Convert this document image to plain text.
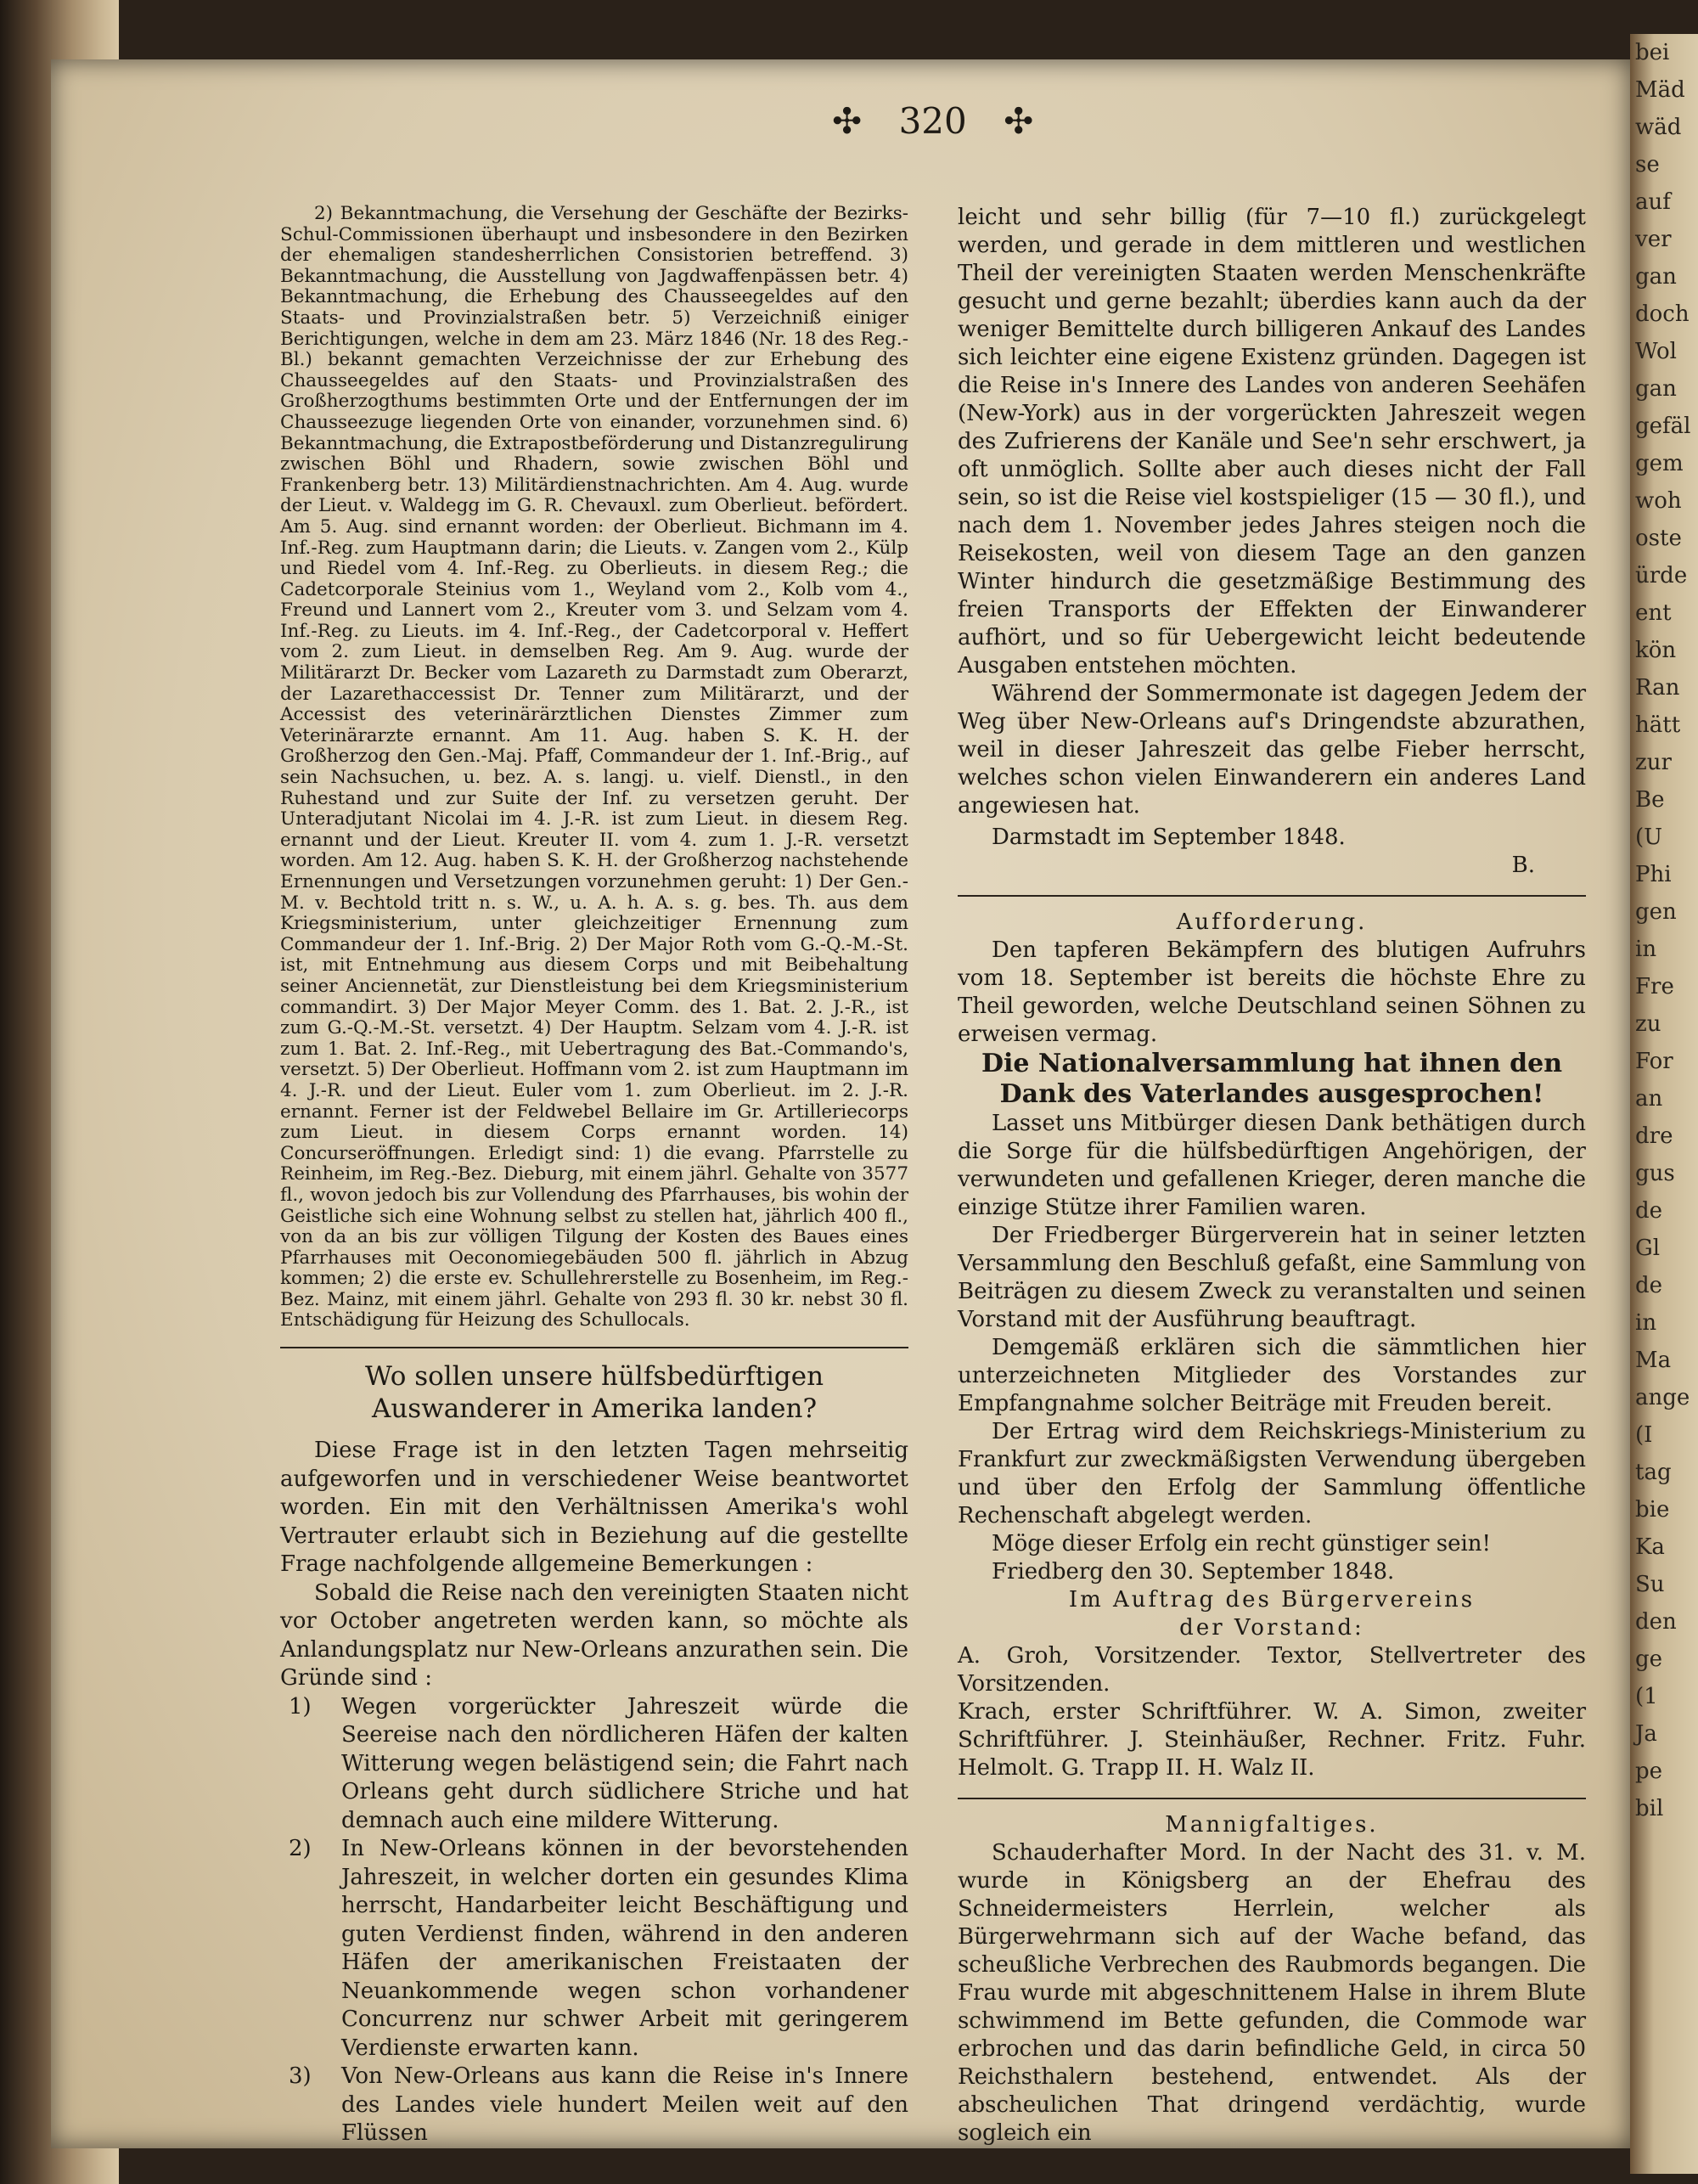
bei
Mäd
wäd
se
auf
ver
gan
doch
Wol
gan
gefäl
gem
woh
oste
ürde
ent
kön
Ran
hätt
zur
Be
(U
Phi
gen
in
Fre
zu
For
an
dre
gus
de
Gl
de
in
Ma
ange
(I
tag
bie
Ka
Su
den
ge
(1
Ja
pe
bil
✣ 320 ✣

2) Bekanntmachung, die Versehung der Geschäfte der Bezirks-Schul-Commissionen überhaupt und insbesondere in den Bezirken der ehemaligen standesherrlichen Consistorien betreffend. 3) Bekanntmachung, die Ausstellung von Jagdwaffenpässen betr. 4) Bekanntmachung, die Erhebung des Chausseegeldes auf den Staats- und Provinzialstraßen betr. 5) Verzeichniß einiger Berichtigungen, welche in dem am 23. März 1846 (Nr. 18 des Reg.-Bl.) bekannt gemachten Verzeichnisse der zur Erhebung des Chausseegeldes auf den Staats- und Provinzialstraßen des Großherzogthums bestimmten Orte und der Entfernungen der im Chausseezuge liegenden Orte von einander, vorzunehmen sind. 6) Bekanntmachung, die Extrapostbeförderung und Distanzregulirung zwischen Böhl und Rhadern, sowie zwischen Böhl und Frankenberg betr. 13) Militärdienstnachrichten. Am 4. Aug. wurde der Lieut. v. Waldegg im G. R. Chevauxl. zum Oberlieut. befördert. Am 5. Aug. sind ernannt worden: der Oberlieut. Bichmann im 4. Inf.-Reg. zum Hauptmann darin; die Lieuts. v. Zangen vom 2., Külp und Riedel vom 4. Inf.-Reg. zu Oberlieuts. in diesem Reg.; die Cadetcorporale Steinius vom 1., Weyland vom 2., Kolb vom 4., Freund und Lannert vom 2., Kreuter vom 3. und Selzam vom 4. Inf.-Reg. zu Lieuts. im 4. Inf.-Reg., der Cadetcorporal v. Heffert vom 2. zum Lieut. in demselben Reg. Am 9. Aug. wurde der Militärarzt Dr. Becker vom Lazareth zu Darmstadt zum Oberarzt, der Lazarethaccessist Dr. Tenner zum Militärarzt, und der Accessist des veterinärärztlichen Dienstes Zimmer zum Veterinärarzte ernannt. Am 11. Aug. haben S. K. H. der Großherzog den Gen.-Maj. Pfaff, Commandeur der 1. Inf.-Brig., auf sein Nachsuchen, u. bez. A. s. langj. u. vielf. Dienstl., in den Ruhestand und zur Suite der Inf. zu versetzen geruht. Der Unteradjutant Nicolai im 4. J.-R. ist zum Lieut. in diesem Reg. ernannt und der Lieut. Kreuter II. vom 4. zum 1. J.-R. versetzt worden. Am 12. Aug. haben S. K. H. der Großherzog nachstehende Ernennungen und Versetzungen vorzunehmen geruht: 1) Der Gen.-M. v. Bechtold tritt n. s. W., u. A. h. A. s. g. bes. Th. aus dem Kriegsministerium, unter gleichzeitiger Ernennung zum Commandeur der 1. Inf.-Brig. 2) Der Major Roth vom G.-Q.-M.-St. ist, mit Entnehmung aus diesem Corps und mit Beibehaltung seiner Anciennetät, zur Dienstleistung bei dem Kriegsministerium commandirt. 3) Der Major Meyer Comm. des 1. Bat. 2. J.-R., ist zum G.-Q.-M.-St. versetzt. 4) Der Hauptm. Selzam vom 4. J.-R. ist zum 1. Bat. 2. Inf.-Reg., mit Uebertragung des Bat.-Commando's, versetzt. 5) Der Oberlieut. Hoffmann vom 2. ist zum Hauptmann im 4. J.-R. und der Lieut. Euler vom 1. zum Oberlieut. im 2. J.-R. ernannt. Ferner ist der Feldwebel Bellaire im Gr. Artilleriecorps zum Lieut. in diesem Corps ernannt worden. 14) Concurseröffnungen. Erledigt sind: 1) die evang. Pfarrstelle zu Reinheim, im Reg.-Bez. Dieburg, mit einem jährl. Gehalte von 3577 fl., wovon jedoch bis zur Vollendung des Pfarrhauses, bis wohin der Geistliche sich eine Wohnung selbst zu stellen hat, jährlich 400 fl., von da an bis zur völligen Tilgung der Kosten des Baues eines Pfarrhauses mit Oeconomiegebäuden 500 fl. jährlich in Abzug kommen; 2) die erste ev. Schullehrerstelle zu Bosenheim, im Reg.-Bez. Mainz, mit einem jährl. Gehalte von 293 fl. 30 kr. nebst 30 fl. Entschädigung für Heizung des Schullocals.

Wo sollen unsere hülfsbedürftigen Auswanderer in Amerika landen?

Diese Frage ist in den letzten Tagen mehrseitig aufgeworfen und in verschiedener Weise beantwortet worden. Ein mit den Verhältnissen Amerika's wohl Vertrauter erlaubt sich in Beziehung auf die gestellte Frage nachfolgende allgemeine Bemerkungen :

Sobald die Reise nach den vereinigten Staaten nicht vor October angetreten werden kann, so möchte als Anlandungsplatz nur New-Orleans anzurathen sein. Die Gründe sind :

1)	Wegen vorgerückter Jahreszeit würde die Seereise nach den nördlicheren Häfen der kalten Witterung wegen belästigend sein; die Fahrt nach Orleans geht durch südlichere Striche und hat demnach auch eine mildere Witterung.
2)	In New-Orleans können in der bevorstehenden Jahreszeit, in welcher dorten ein gesundes Klima herrscht, Handarbeiter leicht Beschäftigung und guten Verdienst finden, während in den anderen Häfen der amerikanischen Freistaaten der Neuankommende wegen schon vorhandener Concurrenz nur schwer Arbeit mit geringerem Verdienste erwarten kann.
3)	Von New-Orleans aus kann die Reise in's Innere des Landes viele hundert Meilen weit auf den Flüssen

leicht und sehr billig (für 7—10 fl.) zurückgelegt werden, und gerade in dem mittleren und westlichen Theil der vereinigten Staaten werden Menschenkräfte gesucht und gerne bezahlt; überdies kann auch da der weniger Bemittelte durch billigeren Ankauf des Landes sich leichter eine eigene Existenz gründen. Dagegen ist die Reise in's Innere des Landes von anderen Seehäfen (New-York) aus in der vorgerückten Jahreszeit wegen des Zufrierens der Kanäle und See'n sehr erschwert, ja oft unmöglich. Sollte aber auch dieses nicht der Fall sein, so ist die Reise viel kostspieliger (15 — 30 fl.), und nach dem 1. November jedes Jahres steigen noch die Reisekosten, weil von diesem Tage an den ganzen Winter hindurch die gesetzmäßige Bestimmung des freien Transports der Effekten der Einwanderer aufhört, und so für Uebergewicht leicht bedeutende Ausgaben entstehen möchten.

Während der Sommermonate ist dagegen Jedem der Weg über New-Orleans auf's Dringendste abzurathen, weil in dieser Jahreszeit das gelbe Fieber herrscht, welches schon vielen Einwanderern ein anderes Land angewiesen hat.

Darmstadt im September 1848.

B.

Aufforderung.

Den tapferen Bekämpfern des blutigen Aufruhrs vom 18. September ist bereits die höchste Ehre zu Theil geworden, welche Deutschland seinen Söhnen zu erweisen vermag.

Die Nationalversammlung hat ihnen den Dank des Vaterlandes ausgesprochen!

Lasset uns Mitbürger diesen Dank bethätigen durch die Sorge für die hülfsbedürftigen Angehörigen, der verwundeten und gefallenen Krieger, deren manche die einzige Stütze ihrer Familien waren.

Der Friedberger Bürgerverein hat in seiner letzten Versammlung den Beschluß gefaßt, eine Sammlung von Beiträgen zu diesem Zweck zu veranstalten und seinen Vorstand mit der Ausführung beauftragt.

Demgemäß erklären sich die sämmtlichen hier unterzeichneten Mitglieder des Vorstandes zur Empfangnahme solcher Beiträge mit Freuden bereit.

Der Ertrag wird dem Reichskriegs-Ministerium zu Frankfurt zur zweckmäßigsten Verwendung übergeben und über den Erfolg der Sammlung öffentliche Rechenschaft abgelegt werden.

Möge dieser Erfolg ein recht günstiger sein!

Friedberg den 30. September 1848.

Im Auftrag des Bürgervereins

der Vorstand:

A. Groh, Vorsitzender. Textor, Stellvertreter des Vorsitzenden.

Krach, erster Schriftführer. W. A. Simon, zweiter Schriftführer. J. Steinhäußer, Rechner. Fritz. Fuhr. Helmolt. G. Trapp II. H. Walz II.

Mannigfaltiges.

Schauderhafter Mord. In der Nacht des 31. v. M. wurde in Königsberg an der Ehefrau des Schneidermeisters Herrlein, welcher als Bürgerwehrmann sich auf der Wache befand, das scheußliche Verbrechen des Raubmords begangen. Die Frau wurde mit abgeschnittenem Halse in ihrem Blute schwimmend im Bette gefunden, die Commode war erbrochen und das darin befindliche Geld, in circa 50 Reichsthalern bestehend, entwendet. Als der abscheulichen That dringend verdächtig, wurde sogleich ein
